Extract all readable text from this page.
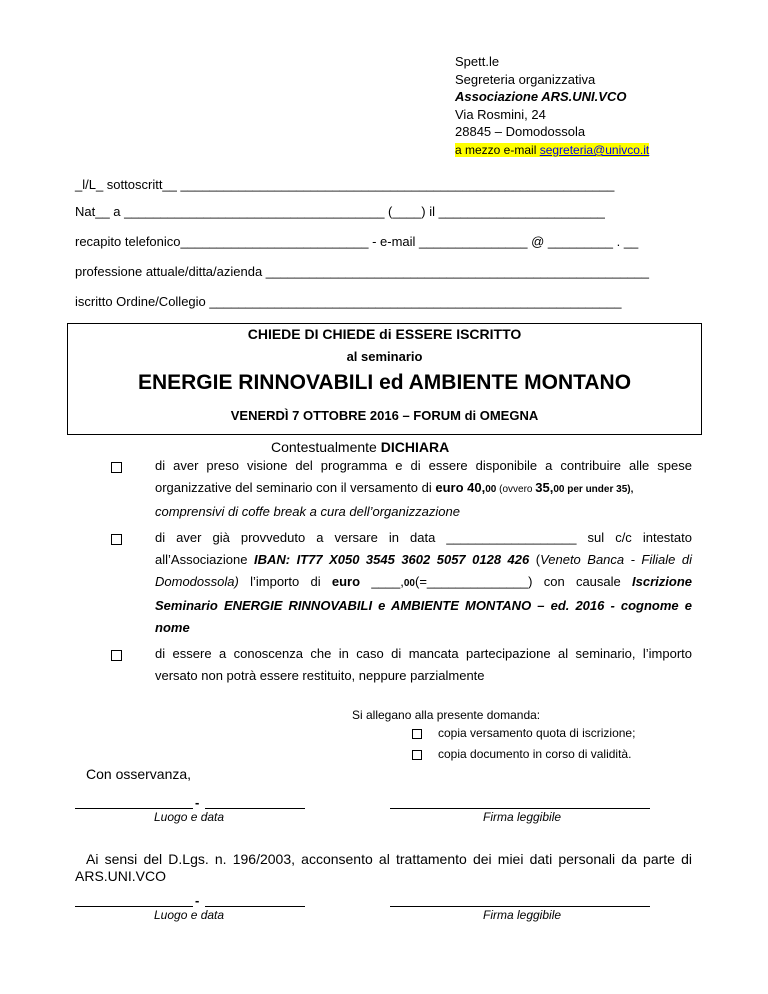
Spett.le
Segreteria organizzativa
Associazione ARS.UNI.VCO
Via Rosmini, 24
28845 – Domodossola
a mezzo e-mail segreteria@univco.it
_l/L_ sottoscritt__ ____________________________________________________________
Nat__ a ____________________________________ (____) il _______________________
recapito telefonico__________________________ - e-mail _______________ @ _________ . __
professione attuale/ditta/azienda _____________________________________________________
iscritto Ordine/Collegio _________________________________________________________
CHIEDE DI CHIEDE di ESSERE ISCRITTO
al seminario
ENERGIE RINNOVABILI ed AMBIENTE MONTANO
VENERDÌ 7 OTTOBRE 2016 – FORUM di OMEGNA
Contestualmente DICHIARA
di aver preso visione del programma e di essere disponibile a contribuire alle spese organizzative del seminario con il versamento di euro 40,00 (ovvero 35,00 per under 35),
comprensivi di coffe break a cura dell’organizzazione
di aver già provveduto a versare in data __________________ sul c/c intestato all’Associazione IBAN: IT77 X050 3545 3602 5057 0128 426 (Veneto Banca - Filiale di Domodossola) l’importo di euro ____,00(=______________) con causale Iscrizione Seminario ENERGIE RINNOVABILI e AMBIENTE MONTANO – ed. 2016 - cognome e nome
di essere a conoscenza che in caso di mancata partecipazione al seminario, l’importo versato non potrà essere restituito, neppure parzialmente
Si allegano alla presente domanda:
copia versamento quota di iscrizione;
copia documento in corso di validità.
Con osservanza,
-
Luogo e data	Firma leggibile
Ai sensi del D.Lgs. n. 196/2003, acconsento al trattamento dei miei dati personali da parte di ARS.UNI.VCO
-
Luogo e data	Firma leggibile
